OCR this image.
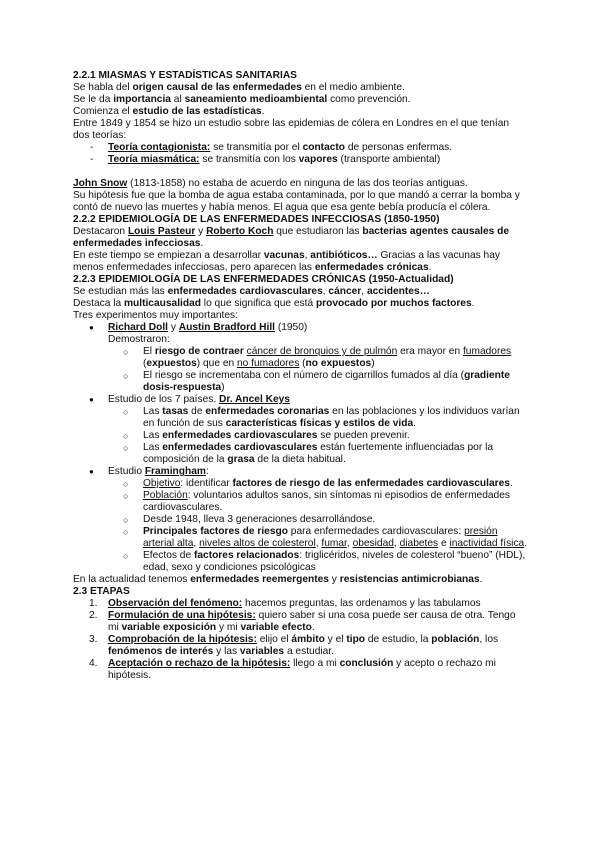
2.2.1 MIASMAS Y ESTADÍSTICAS SANITARIAS

Se habla del origen causal de las enfermedades en el medio ambiente.

Se le da importancia al saneamiento medioambiental como prevención.

Comienza el estudio de las estadísticas.

Entre 1849 y 1854 se hizo un estudio sobre las epidemias de cólera en Londres en el que tenían dos teorías:

- Teoría contagionista: se transmitía por el contacto de personas enfermas.
- Teoría miasmática: se transmitía con los vapores (transporte ambiental)

John Snow (1813-1858) no estaba de acuerdo en ninguna de las dos teorías antiguas.

Su hipótesis fue que la bomba de agua estaba contaminada, por lo que mandó a cerrar la bomba y contó de nuevo las muertes y había menos. El agua que esa gente bebía producía el cólera.

2.2.2 EPIDEMIOLOGÍA DE LAS ENFERMEDADES INFECCIOSAS (1850-1950)

Destacaron Louis Pasteur y Roberto Koch que estudiaron las bacterias agentes causales de enfermedades infecciosas.

En este tiempo se empiezan a desarrollar vacunas, antibióticos… Gracias a las vacunas hay menos enfermedades infecciosas, pero aparecen las enfermedades crónicas.

2.2.3 EPIDEMIOLOGÍA DE LAS ENFERMEDADES CRÓNICAS (1950-Actualidad)

Se estudian más las enfermedades cardiovasculares, cáncer, accidentes…

Destaca la multicausalidad lo que significa que está provocado por muchos factores.

Tres experimentos muy importantes:

● Richard Doll y Austin Bradford Hill (1950)
Demostraron:
○ El riesgo de contraer cáncer de bronquios y de pulmón era mayor en fumadores (expuestos) que en no fumadores (no expuestos)
○ El riesgo se incrementaba con el número de cigarrillos fumados al día (gradiente dosis-respuesta)
● Estudio de los 7 países. Dr. Ancel Keys
○ Las tasas de enfermedades coronarias en las poblaciones y los individuos varían en función de sus características físicas y estilos de vida.
○ Las enfermedades cardiovasculares se pueden prevenir.
○ Las enfermedades cardiovasculares están fuertemente influenciadas por la composición de la grasa de la dieta habitual.
● Estudio Framingham:
○ Objetivo: identificar factores de riesgo de las enfermedades cardiovasculares.
○ Población: voluntarios adultos sanos, sin síntomas ni episodios de enfermedades cardiovasculares.
○ Desde 1948, lleva 3 generaciones desarrollándose.
○ Principales factores de riesgo para enfermedades cardiovasculares: presión arterial alta, niveles altos de colesterol, fumar, obesidad, diabetes e inactividad física.
○ Efectos de factores relacionados: triglicéridos, niveles de colesterol “bueno” (HDL), edad, sexo y condiciones psicológicas

En la actualidad tenemos enfermedades reemergentes y resistencias antimicrobianas.

2.3 ETAPAS

1. Observación del fenómeno: hacemos preguntas, las ordenamos y las tabulamos
2. Formulación de una hipótesis: quiero saber si una cosa puede ser causa de otra. Tengo mi variable exposición y mi variable efecto.
3. Comprobación de la hipótesis: elijo el ámbito y el tipo de estudio, la población, los fenómenos de interés y las variables a estudiar.
4. Aceptación o rechazo de la hipótesis: llego a mi conclusión y acepto o rechazo mi hipótesis.
